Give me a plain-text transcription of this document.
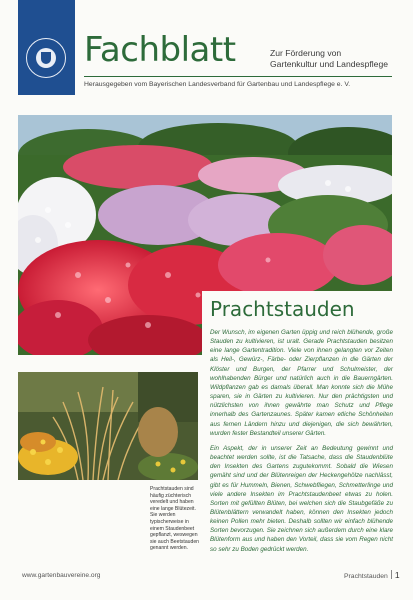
Fachblatt	Zur Förderung von
Gartenkultur und Landespflege
Herausgegeben vom Bayerischen Landesverband für Gartenbau und Landespflege e. V.
Prachtstauden sind häufig züchterisch veredelt und haben eine lange Blütezeit. Sie werden typischerweise in einem Staudenbeet gepflanzt, weswegen sie auch Beetstauden genannt werden.
Prachtstauden

Der Wunsch, im eigenen Garten üppig und reich blühende, große Stauden zu kultivieren, ist uralt. Gerade Prachtstauden besitzen eine lange Gartentradition. Viele von ihnen gelangten vor Zeiten als Heil-, Gewürz-, Färbe- oder Zierpflanzen in die Gärten der Klöster und Burgen, der Pfarrer und Schulmeister, der wohlhabenden Bürger und natürlich auch in die Bauerngärten. Wildpflanzen gab es damals überall. Man konnte sich die Mühe sparen, sie in Gärten zu kultivieren. Nur den prächtigsten und nützlichsten von ihnen gewährte man Schutz und Pflege innerhalb des Gartenzaunes. Später kamen etliche Schönheiten aus fernen Ländern hinzu und diejenigen, die sich bewährten, wurden fester Bestandteil unserer Gärten.

Ein Aspekt, der in unserer Zeit an Bedeutung gewinnt und beachtet werden sollte, ist die Tatsache, dass die Staudenblüte den Insekten des Gartens zugutekommt. Sobald die Wiesen gemäht sind und der Blütenreigen der Heckengehölze nachlässt, gibt es für Hummeln, Bienen, Schwebfliegen, Schmetterlinge und viele andere Insekten im Prachtstaudenbeet etwas zu holen. Sorten mit gefüllten Blüten, bei welchen sich die Staubgefäße zu Blütenblättern verwandelt haben, können den Insekten jedoch keinen Pollen mehr bieten. Deshalb sollten wir einfach blühende Sorten bevorzugen. Sie zeichnen sich außerdem durch eine klare Blütenform aus und haben den Vorteil, dass sie vom Regen nicht so sehr zu Boden gedrückt werden.

www.gartenbauvereine.org	Prachtstauden 1
